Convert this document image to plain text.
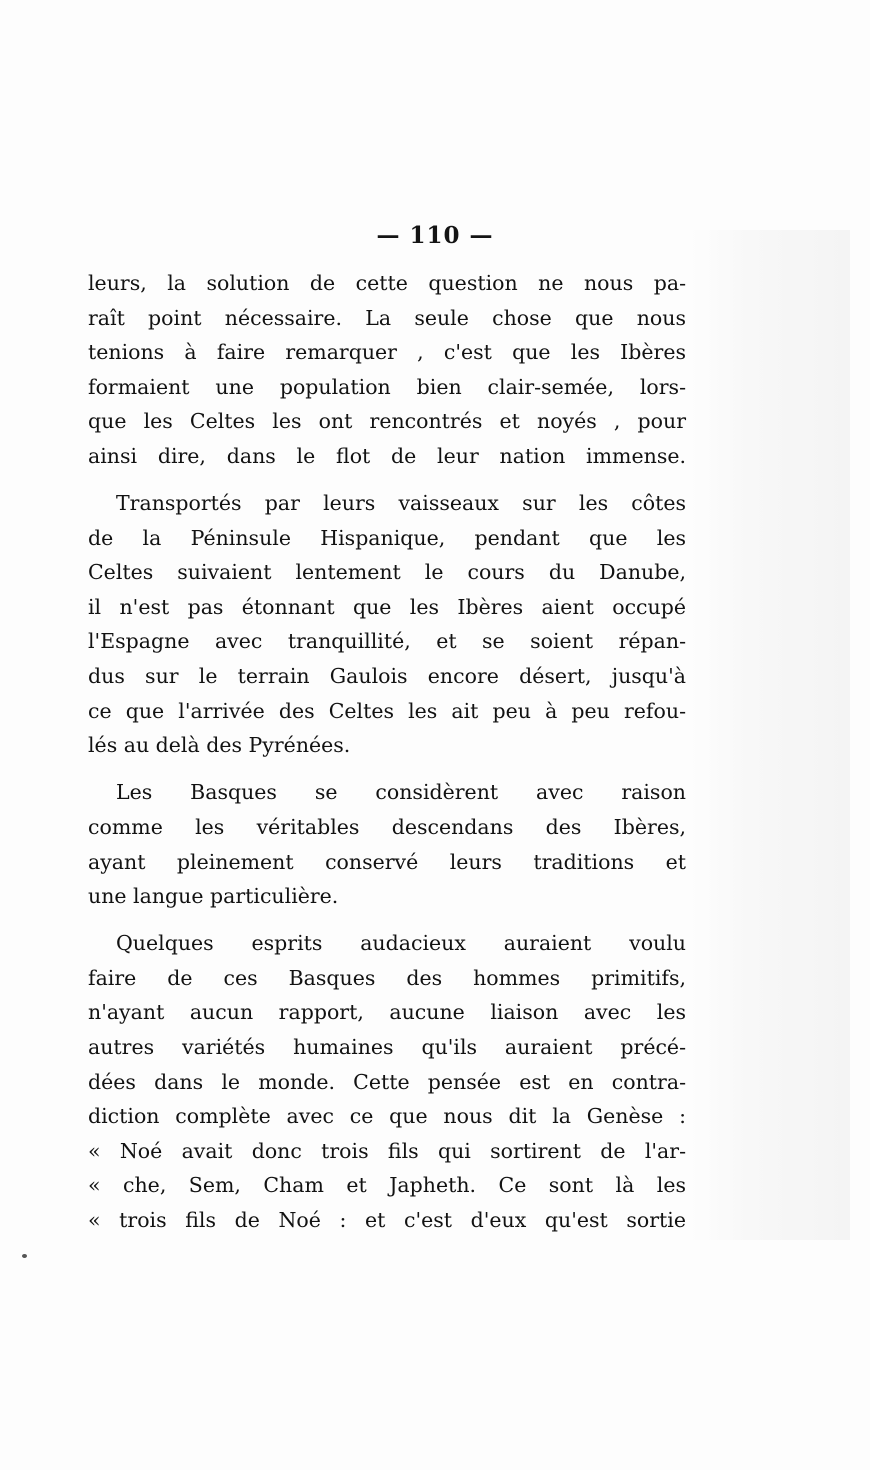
— 110 —
leurs, la solution de cette question ne nous pa-
raît point nécessaire. La seule chose que nous
tenions à faire remarquer , c'est que les Ibères
formaient une population bien clair-semée, lors-
que les Celtes les ont rencontrés et noyés , pour
ainsi dire, dans le flot de leur nation immense.
Transportés par leurs vaisseaux sur les côtes
de la Péninsule Hispanique, pendant que les
Celtes suivaient lentement le cours du Danube,
il n'est pas étonnant que les Ibères aient occupé
l'Espagne avec tranquillité, et se soient répan-
dus sur le terrain Gaulois encore désert, jusqu'à
ce que l'arrivée des Celtes les ait peu à peu refou-
lés au delà des Pyrénées.
Les Basques se considèrent avec raison
comme les véritables descendans des Ibères,
ayant pleinement conservé leurs traditions et
une langue particulière.
Quelques esprits audacieux auraient voulu
faire de ces Basques des hommes primitifs,
n'ayant aucun rapport, aucune liaison avec les
autres variétés humaines qu'ils auraient précé-
dées dans le monde. Cette pensée est en contra-
diction complète avec ce que nous dit la Genèse :
« Noé avait donc trois fils qui sortirent de l'ar-
« che, Sem, Cham et Japheth. Ce sont là les
« trois fils de Noé : et c'est d'eux qu'est sortie
